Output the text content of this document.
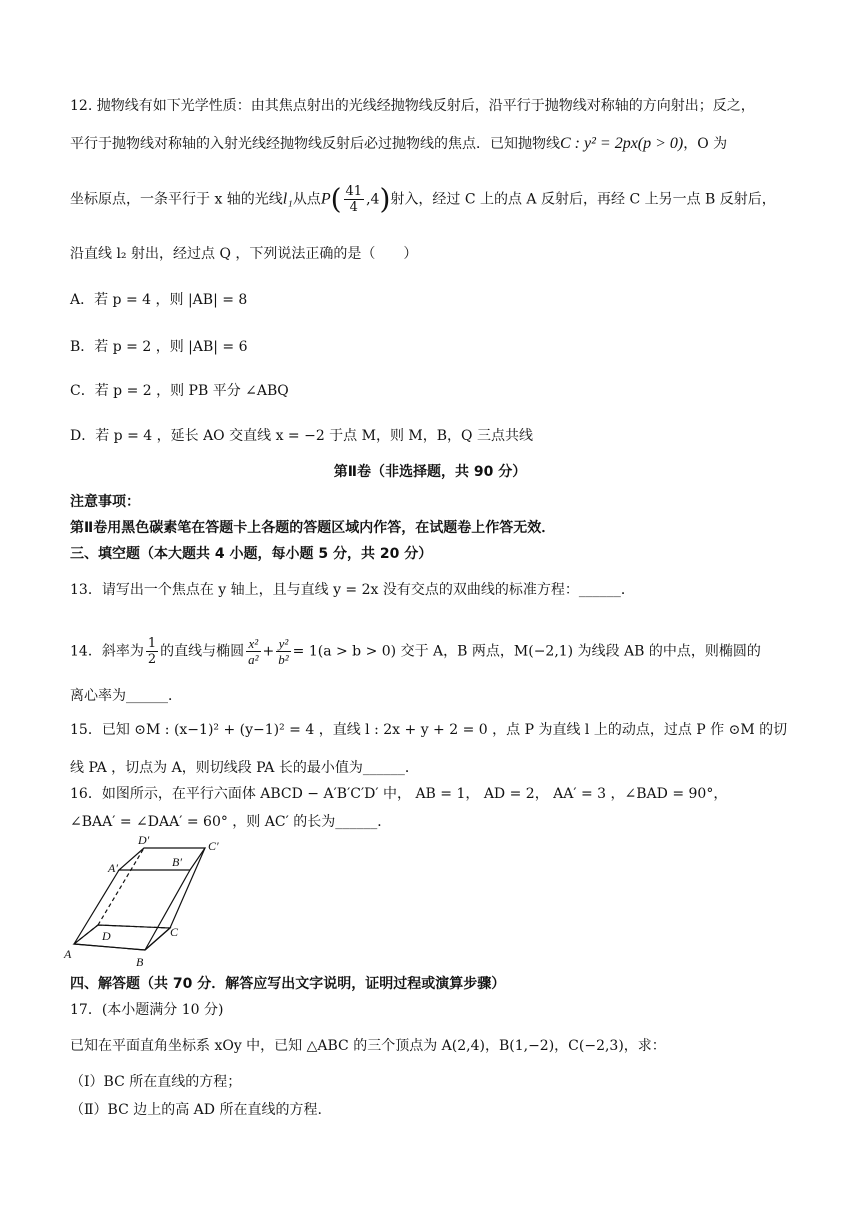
12. 抛物线有如下光学性质：由其焦点射出的光线经抛物线反射后，沿平行于抛物线对称轴的方向射出；反之，
平行于抛物线对称轴的入射光线经抛物线反射后必过抛物线的焦点．已知抛物线C : y² = 2px(p > 0)，O 为
坐标原点，一条平行于 x 轴的光线l₁从点$P( \frac{41}{4} ,4)$射入，经过 C 上的点 A 反射后，再经 C 上另一点 B 反射后，
沿直线 l₂ 射出，经过点 Q ，下列说法正确的是（　　）
A．若 p = 4 ，则 |AB| = 8
B．若 p = 2 ，则 |AB| = 6
C．若 p = 2 ，则 PB 平分 ∠ABQ
D．若 p = 4 ，延长 AO 交直线 x = −2 于点 M，则 M，B，Q 三点共线
第Ⅱ卷（非选择题，共 90 分）
注意事项：
第Ⅱ卷用黑色碳素笔在答题卡上各题的答题区域内作答，在试题卷上作答无效．
三、填空题（本大题共 4 小题，每小题 5 分，共 20 分）
13．请写出一个焦点在 y 轴上，且与直线 y = 2x 没有交点的双曲线的标准方程：______．
14．斜率为 $\frac{1}{2}$ 的直线与椭圆 $\frac{\text{x²}}{\text{a²}} + \frac{\text{y²}}{\text{b²}} = 1(a > b > 0)$ 交于 A，B 两点，M(−2,1) 为线段 AB 的中点，则椭圆的
离心率为______．
15．已知 ⊙M : (x−1)² + (y−1)² = 4 ，直线 l : 2x + y + 2 = 0 ，点 P 为直线 l 上的动点，过点 P 作 ⊙M 的切
线 PA ，切点为 A，则切线段 PA 长的最小值为______．
16．如图所示，在平行六面体 ABCD − A′B′C′D′ 中， AB = 1， AD = 2， AA′ = 3 ，∠BAD = 90°，
∠BAA′ = ∠DAA′ = 60° ，则 AC′ 的长为______．
A
B
C
D
A′	B′
C′
D′
四、解答题（共 70 分．解答应写出文字说明，证明过程或演算步骤）
17．(本小题满分 10 分)
已知在平面直角坐标系 xOy 中，已知 △ABC 的三个顶点为 A(2,4)，B(1,−2)，C(−2,3)，求：
（Ⅰ）BC 所在直线的方程；
（Ⅱ）BC 边上的高 AD 所在直线的方程.
